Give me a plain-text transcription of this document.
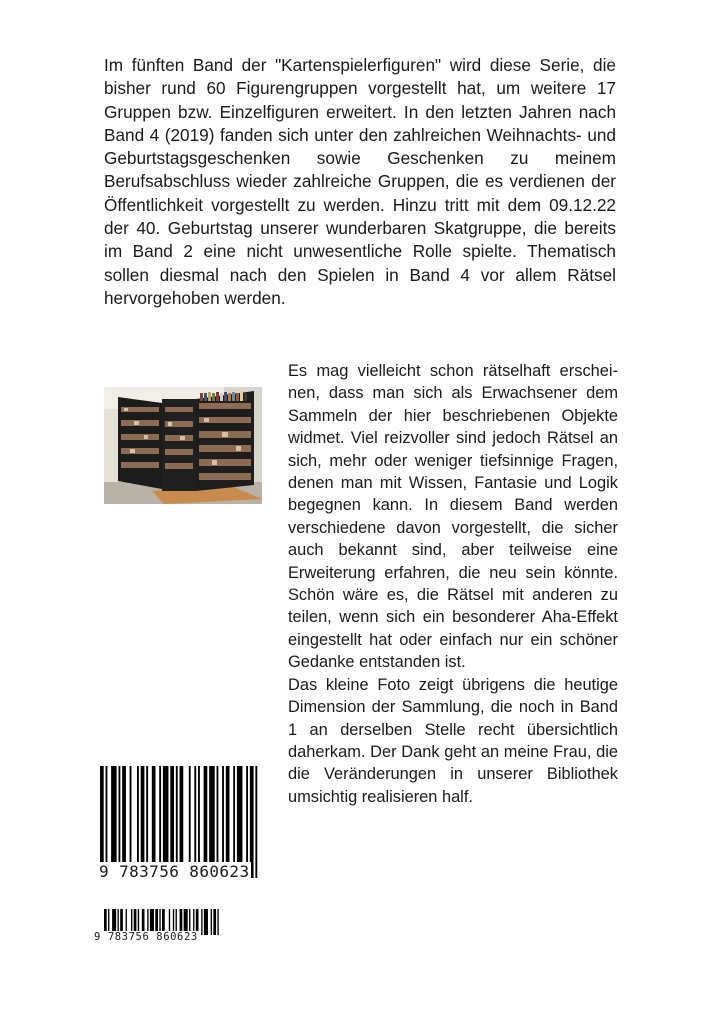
Im fünften Band der "Kartenspielerfiguren" wird diese Serie, die bisher rund 60 Figurengruppen vorgestellt hat, um weitere 17 Gruppen bzw. Einzelfiguren erweitert. In den letzten Jahren nach Band 4 (2019) fanden sich unter den zahlreichen Weihnachts- und Geburtstagsgeschenken sowie Geschenken zu meinem Berufsabschluss wieder zahlreiche Gruppen, die es verdienen der Öffentlichkeit vorgestellt zu werden. Hinzu tritt mit dem 09.12.22 der 40. Geburtstag unserer wunderbaren Skatgruppe, die bereits im Band 2 eine nicht unwesentliche Rolle spielte. Thematisch sollen diesmal nach den Spielen in Band 4 vor allem Rätsel hervorgehoben werden.

Es mag vielleicht schon rätselhaft erscheinen, dass man sich als Erwachsener dem Sammeln der hier beschriebenen Objekte widmet. Viel reizvoller sind jedoch Rätsel an sich, mehr oder weniger tiefsinnige Fragen, denen man mit Wissen, Fantasie und Logik begegnen kann. In diesem Band werden verschiedene davon vorgestellt, die sicher auch bekannt sind, aber teilweise eine Erweiterung erfahren, die neu sein könnte. Schön wäre es, die Rätsel mit anderen zu teilen, wenn sich ein besonderer Aha-Effekt eingestellt hat oder einfach nur ein schöner Gedanke entstanden ist.

Das kleine Foto zeigt übrigens die heutige Dimension der Sammlung, die noch in Band 1 an derselben Stelle recht übersichtlich daherkam. Der Dank geht an meine Frau, die die Veränderungen in unserer Bibliothek umsichtig realisieren half.

9 783756 860623
9 783756 860623
